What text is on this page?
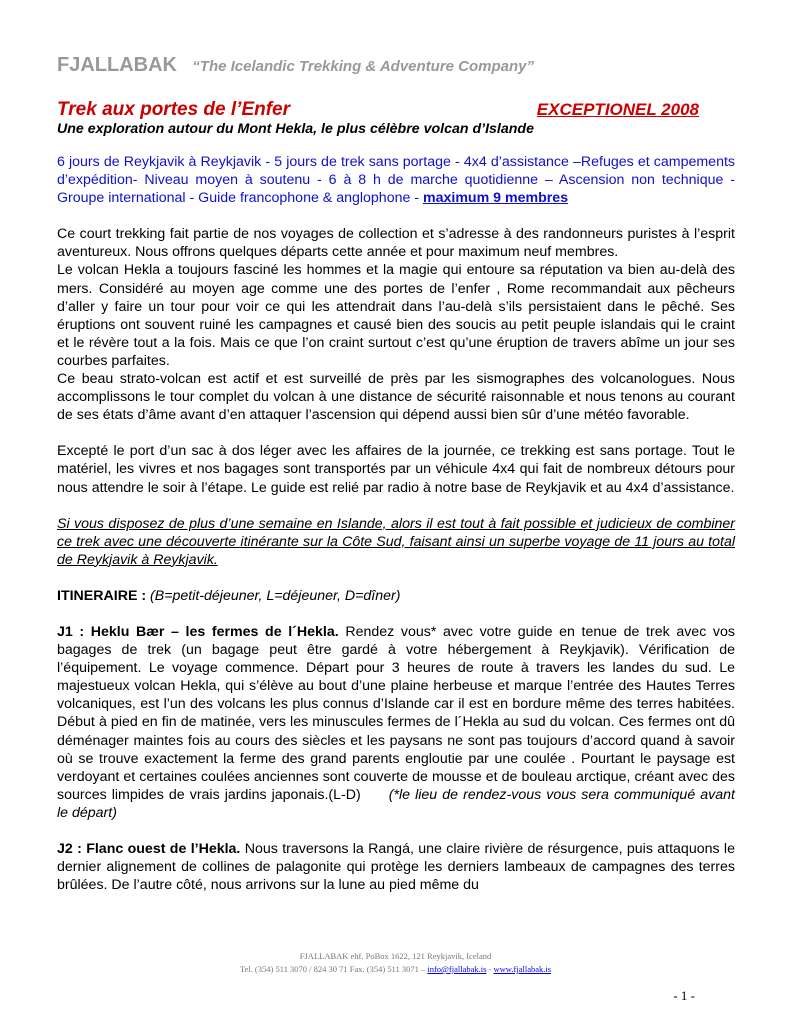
FJALLABAK “The Icelandic Trekking & Adventure Company”
Trek aux portes de l’Enfer	EXCEPTIONEL 2008
Une exploration autour du Mont Hekla, le plus célèbre volcan d’Islande

6 jours de Reykjavik à Reykjavik - 5 jours de trek sans portage - 4x4 d’assistance –Refuges et campements d’expédition- Niveau moyen à soutenu - 6 à 8 h de marche quotidienne – Ascension non technique - Groupe international - Guide francophone & anglophone - maximum 9 membres

Ce court trekking fait partie de nos voyages de collection et s’adresse à des randonneurs puristes à l’esprit aventureux. Nous offrons quelques départs cette année et pour maximum neuf membres.

Le volcan Hekla a toujours fasciné les hommes et la magie qui entoure sa réputation va bien au-delà des mers. Considéré au moyen age comme une des portes de l’enfer , Rome recommandait aux pêcheurs d’aller y faire un tour pour voir ce qui les attendrait dans l’au-delà s’ils persistaient dans le pêché. Ses éruptions ont souvent ruiné les campagnes et causé bien des soucis au petit peuple islandais qui le craint et le révère tout a la fois. Mais ce que l’on craint surtout c’est qu’une éruption de travers abîme un jour ses courbes parfaites.

Ce beau strato-volcan est actif et est surveillé de près par les sismographes des volcanologues. Nous accomplissons le tour complet du volcan à une distance de sécurité raisonnable et nous tenons au courant de ses états d’âme avant d’en attaquer l’ascension qui dépend aussi bien sûr d’une météo favorable.

Excepté le port d’un sac à dos léger avec les affaires de la journée, ce trekking est sans portage. Tout le matériel, les vivres et nos bagages sont transportés par un véhicule 4x4 qui fait de nombreux détours pour nous attendre le soir à l’étape. Le guide est relié par radio à notre base de Reykjavik et au 4x4 d’assistance.

Si vous disposez de plus d’une semaine en Islande, alors il est tout à fait possible et judicieux de combiner ce trek avec une découverte itinérante sur la Côte Sud, faisant ainsi un superbe voyage de 11 jours au total de Reykjavik à Reykjavik.

ITINERAIRE : (B=petit-déjeuner, L=déjeuner, D=dîner)

J1 : Heklu Bær – les fermes de l´Hekla. Rendez vous* avec votre guide en tenue de trek avec vos bagages de trek (un bagage peut être gardé à votre hébergement à Reykjavik). Vérification de l’équipement. Le voyage commence. Départ pour 3 heures de route à travers les landes du sud. Le majestueux volcan Hekla, qui s’élève au bout d’une plaine herbeuse et marque l’entrée des Hautes Terres volcaniques, est l’un des volcans les plus connus d’Islande car il est en bordure même des terres habitées. Début à pied en fin de matinée, vers les minuscules fermes de l´Hekla au sud du volcan. Ces fermes ont dû déménager maintes fois au cours des siècles et les paysans ne sont pas toujours d’accord quand à savoir où se trouve exactement la ferme des grand parents engloutie par une coulée . Pourtant le paysage est verdoyant et certaines coulées anciennes sont couverte de mousse et de bouleau arctique, créant avec des sources limpides de vrais jardins japonais.(L-D) (*le lieu de rendez-vous vous sera communiqué avant le départ)

J2 : Flanc ouest de l’Hekla. Nous traversons la Rangá, une claire rivière de résurgence, puis attaquons le dernier alignement de collines de palagonite qui protège les derniers lambeaux de campagnes des terres brûlées. De l’autre côté, nous arrivons sur la lune au pied même du

FJALLABAK ehf. PoBox 1622, 121 Reykjavik, Iceland
Tel. (354) 511 3070 / 824 30 71 Fax. (354) 511 3071 – info@fjallabak.is - www.fjallabak.is
- 1 -
